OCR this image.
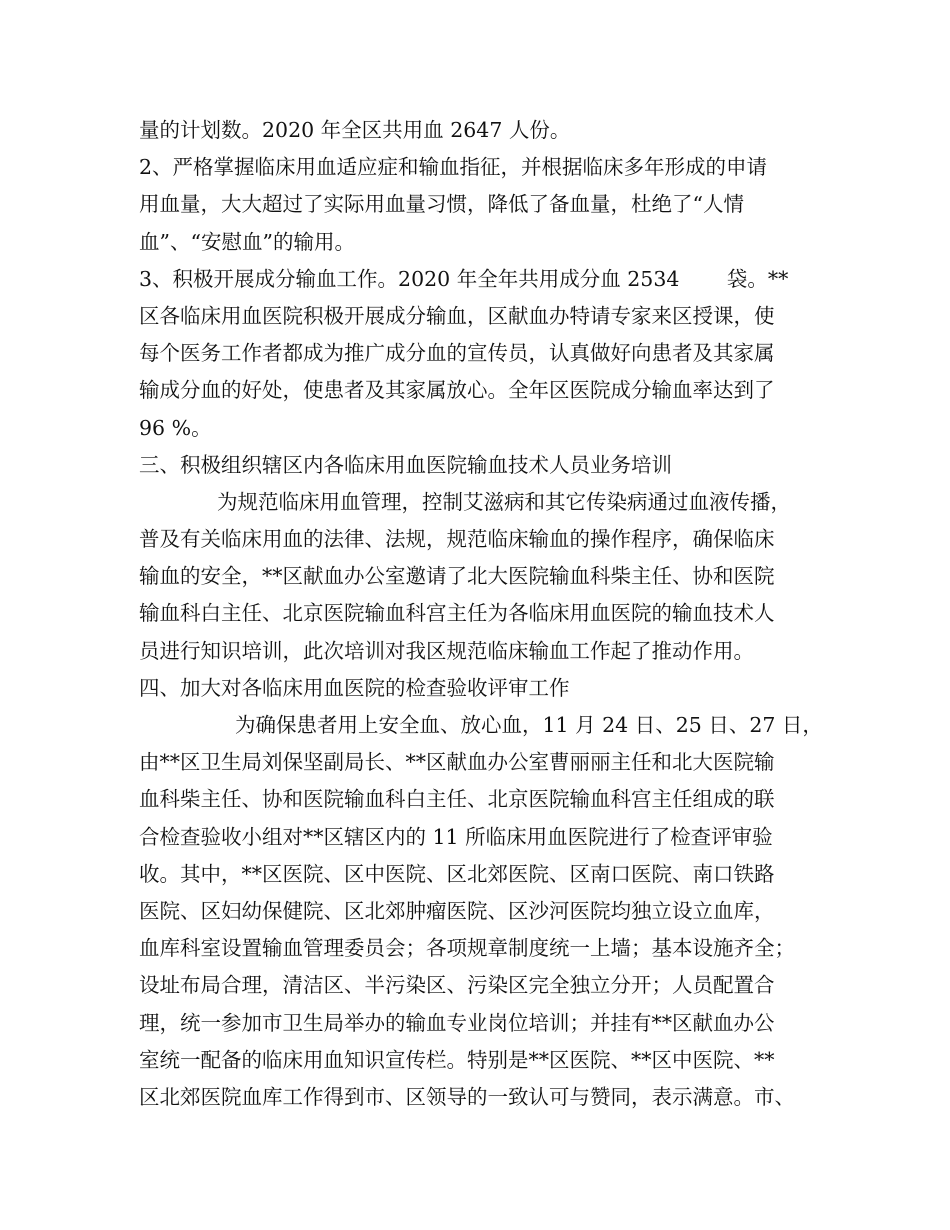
量的计划数。2020 年全区共用血 2647 人份。
2、严格掌握临床用血适应症和输血指征，并根据临床多年形成的申请
用血量，大大超过了实际用血量习惯，降低了备血量，杜绝了“人情
血”、“安慰血”的输用。
3、积极开展成分输血工作。2020 年全年共用成分血 2534　　 袋。**
区各临床用血医院积极开展成分输血，区献血办特请专家来区授课，使
每个医务工作者都成为推广成分血的宣传员，认真做好向患者及其家属
输成分血的好处，使患者及其家属放心。全年区医院成分输血率达到了
96 %。
三、积极组织辖区内各临床用血医院输血技术人员业务培训
为规范临床用血管理，控制艾滋病和其它传染病通过血液传播，
普及有关临床用血的法律、法规，规范临床输血的操作程序，确保临床
输血的安全，**区献血办公室邀请了北大医院输血科柴主任、协和医院
输血科白主任、北京医院输血科宫主任为各临床用血医院的输血技术人
员进行知识培训，此次培训对我区规范临床输血工作起了推动作用。
四、加大对各临床用血医院的检查验收评审工作
为确保患者用上安全血、放心血，11 月 24 日、25 日、27 日，
由**区卫生局刘保坚副局长、**区献血办公室曹丽丽主任和北大医院输
血科柴主任、协和医院输血科白主任、北京医院输血科宫主任组成的联
合检查验收小组对**区辖区内的 11 所临床用血医院进行了检查评审验
收。其中，**区医院、区中医院、区北郊医院、区南口医院、南口铁路
医院、区妇幼保健院、区北郊肿瘤医院、区沙河医院均独立设立血库，
血库科室设置输血管理委员会；各项规章制度统一上墙；基本设施齐全；
设址布局合理，清洁区、半污染区、污染区完全独立分开；人员配置合
理，统一参加市卫生局举办的输血专业岗位培训；并挂有**区献血办公
室统一配备的临床用血知识宣传栏。特别是**区医院、**区中医院、**
区北郊医院血库工作得到市、区领导的一致认可与赞同，表示满意。市、
